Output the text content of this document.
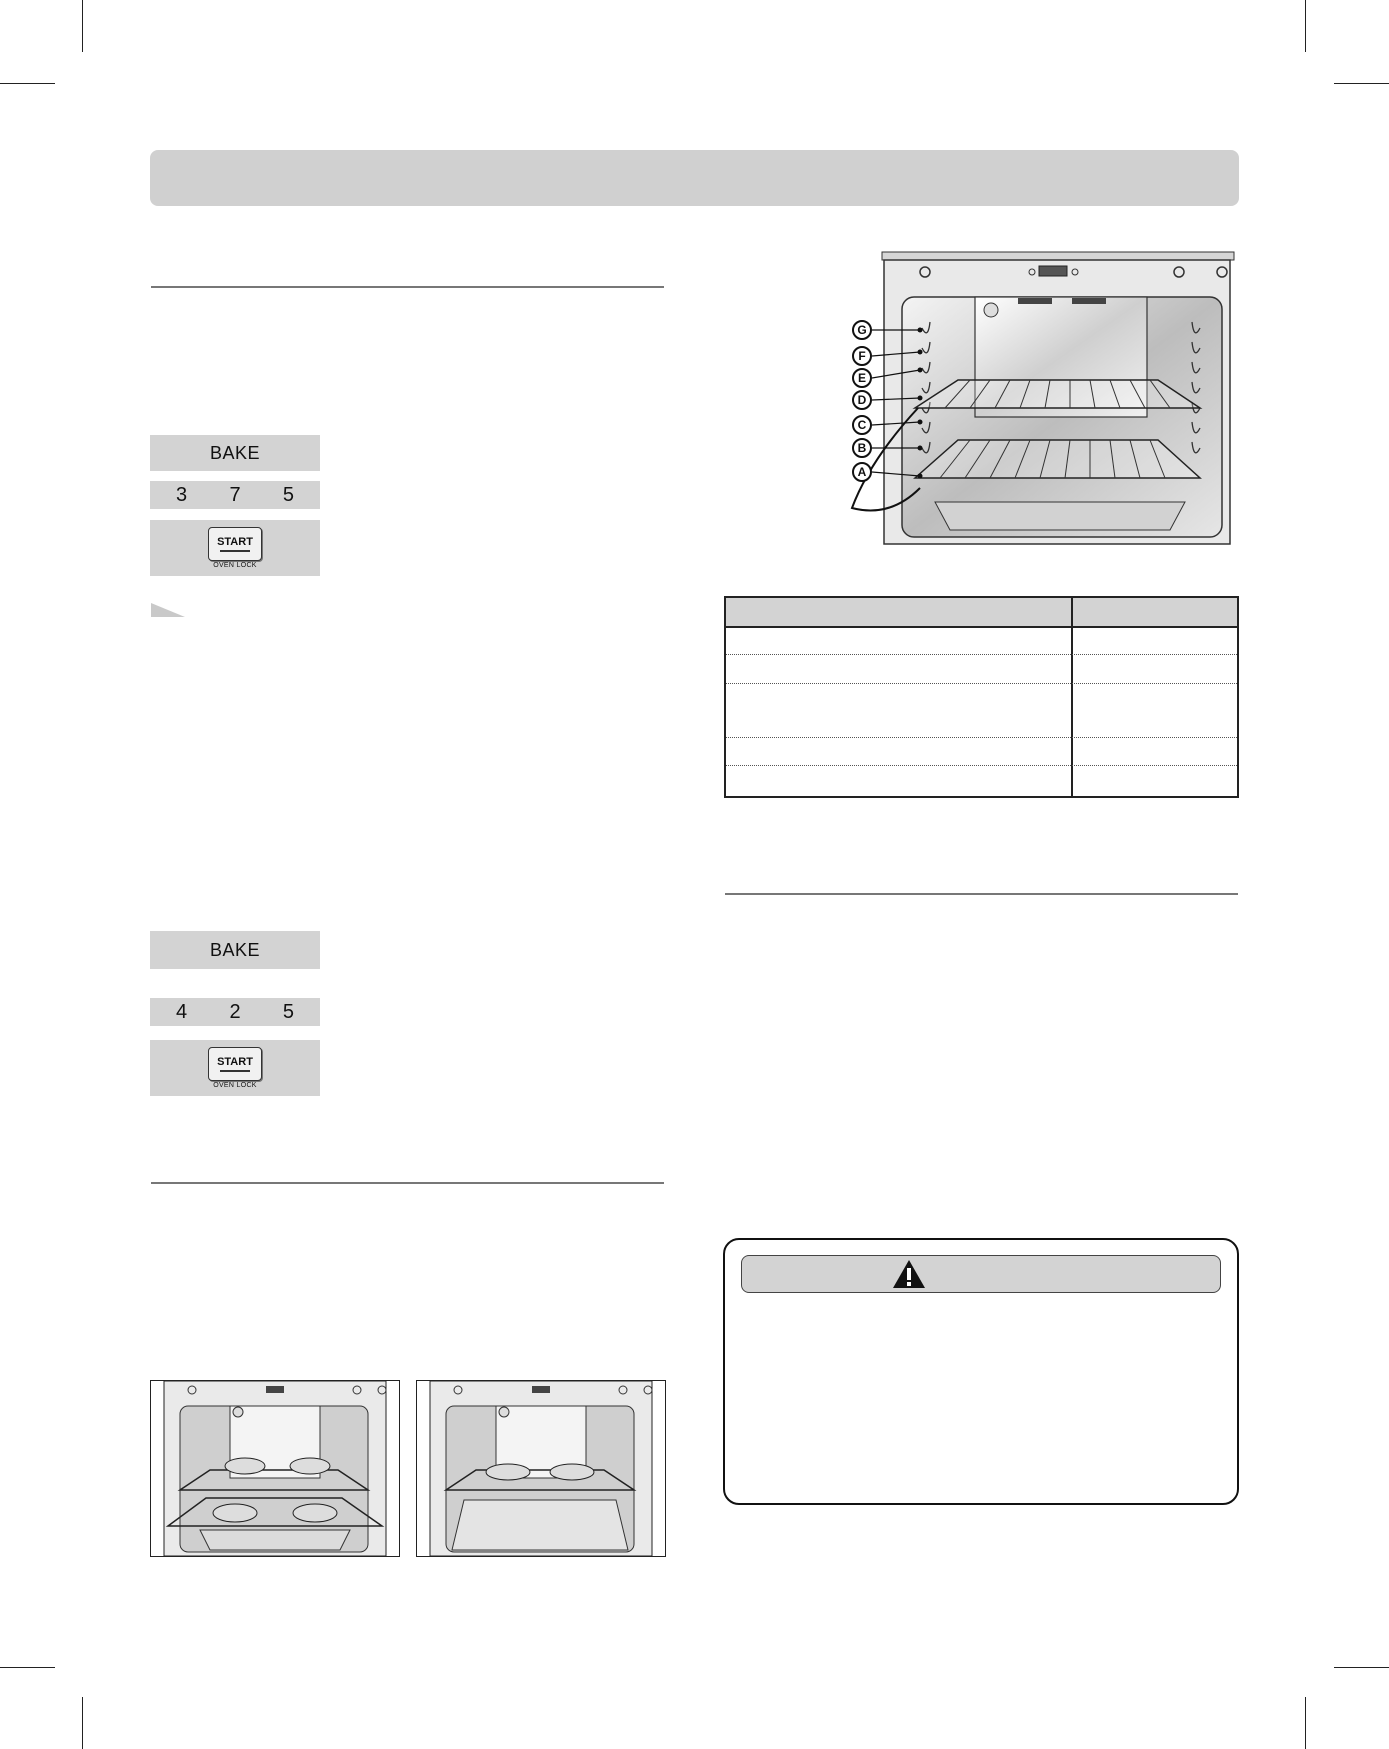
BAKE
3 7 5
START
OVEN LOCK
BAKE
4 2 5
START
OVEN LOCK
G
F
E
D
C
B
A
